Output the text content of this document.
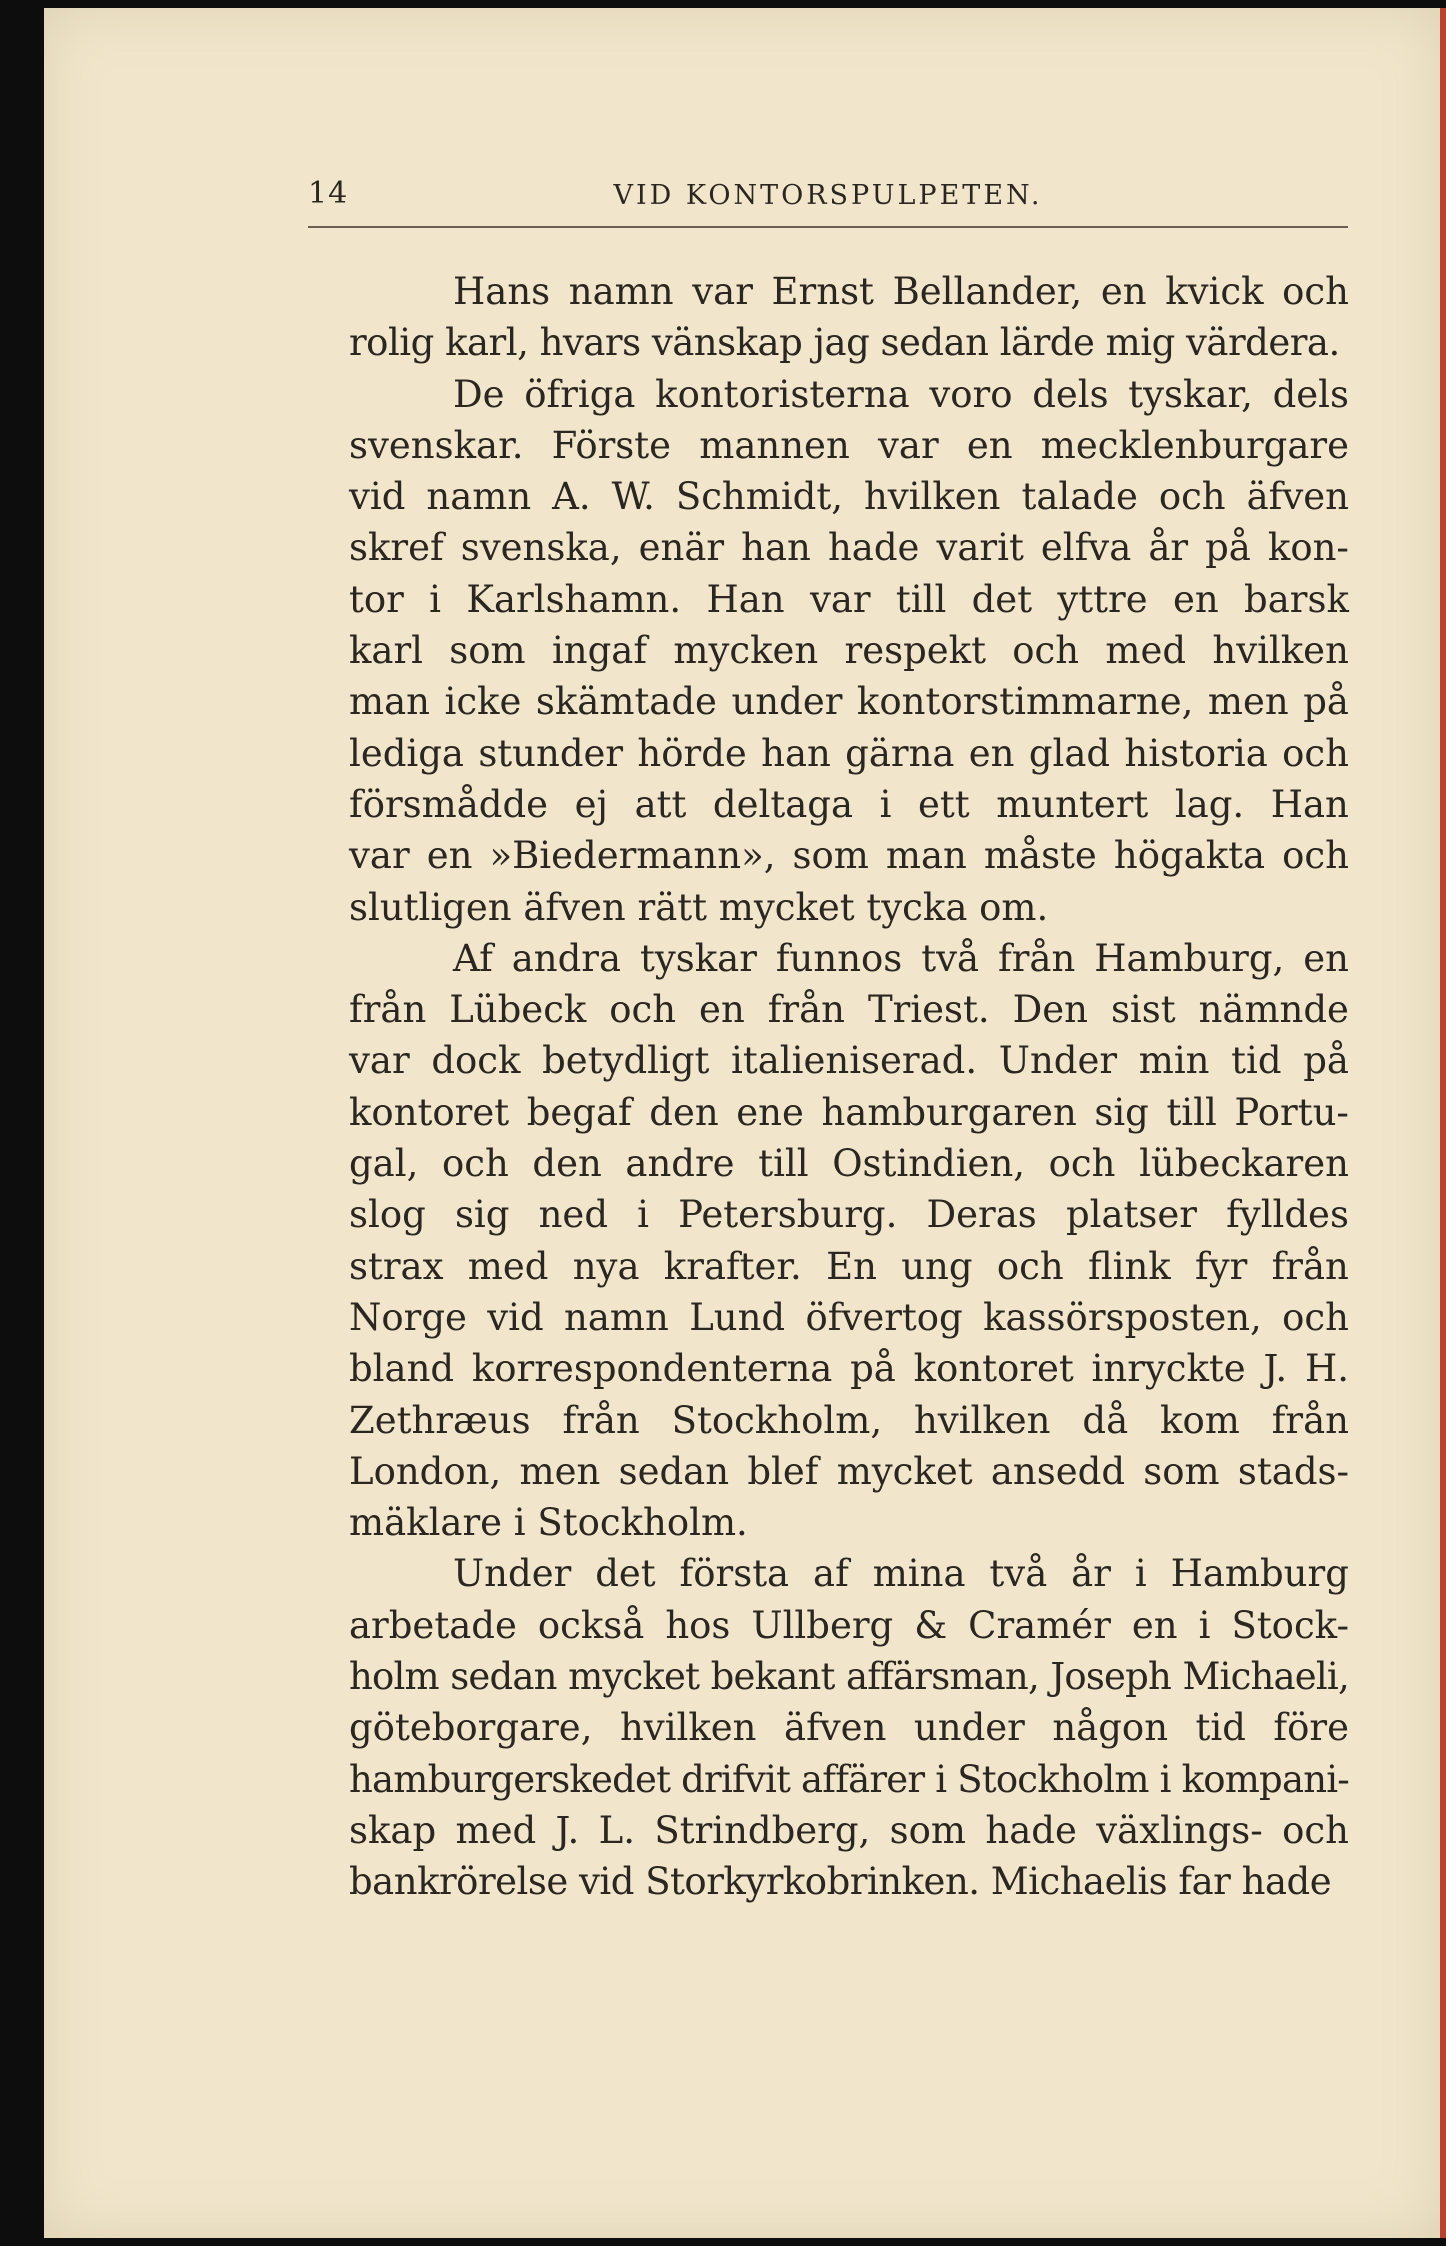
14	VID KONTORSPULPETEN.
Hans namn var Ernst Bellander, en kvick och
rolig karl, hvars vänskap jag sedan lärde mig värdera.
De öfriga kontoristerna voro dels tyskar, dels
svenskar. Förste mannen var en mecklenburgare
vid namn A. W. Schmidt, hvilken talade och äfven
skref svenska, enär han hade varit elfva år på kon-
tor i Karlshamn. Han var till det yttre en barsk
karl som ingaf mycken respekt och med hvilken
man icke skämtade under kontorstimmarne, men på
lediga stunder hörde han gärna en glad historia och
försmådde ej att deltaga i ett muntert lag. Han
var en »Biedermann», som man måste högakta och
slutligen äfven rätt mycket tycka om.
Af andra tyskar funnos två från Hamburg, en
från Lübeck och en från Triest. Den sist nämnde
var dock betydligt italieniserad. Under min tid på
kontoret begaf den ene hamburgaren sig till Portu-
gal, och den andre till Ostindien, och lübeckaren
slog sig ned i Petersburg. Deras platser fylldes
strax med nya krafter. En ung och flink fyr från
Norge vid namn Lund öfvertog kassörsposten, och
bland korrespondenterna på kontoret inryckte J. H.
Zethræus från Stockholm, hvilken då kom från
London, men sedan blef mycket ansedd som stads-
mäklare i Stockholm.
Under det första af mina två år i Hamburg
arbetade också hos Ullberg & Cramér en i Stock-
holm sedan mycket bekant affärsman, Joseph Michaeli,
göteborgare, hvilken äfven under någon tid före
hamburgerskedet drifvit affärer i Stockholm i kompani-
skap med J. L. Strindberg, som hade växlings- och
bankrörelse vid Storkyrkobrinken. Michaelis far hade
